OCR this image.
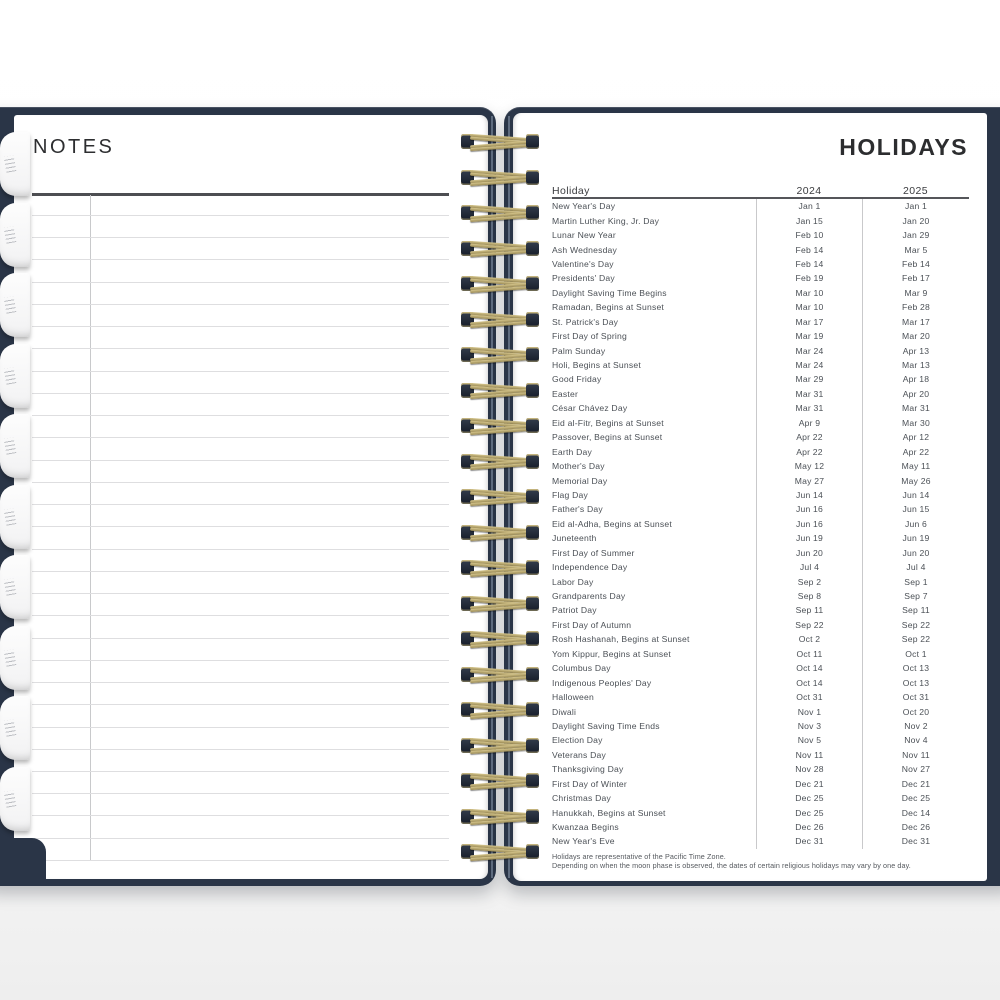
NOTES	HOLIDAYS
Holiday	2024	2025
New Year's Day	Jan 1	Jan 1
Martin Luther King, Jr. Day	Jan 15	Jan 20
Lunar New Year	Feb 10	Jan 29
Ash Wednesday	Feb 14	Mar 5
Valentine's Day	Feb 14	Feb 14
Presidents' Day	Feb 19	Feb 17
Daylight Saving Time Begins	Mar 10	Mar 9
Ramadan, Begins at Sunset	Mar 10	Feb 28
St. Patrick's Day	Mar 17	Mar 17
First Day of Spring	Mar 19	Mar 20
Palm Sunday	Mar 24	Apr 13
Holi, Begins at Sunset	Mar 24	Mar 13
Good Friday	Mar 29	Apr 18
Easter	Mar 31	Apr 20
César Chávez Day	Mar 31	Mar 31
Eid al-Fitr, Begins at Sunset	Apr 9	Mar 30
Passover, Begins at Sunset	Apr 22	Apr 12
Earth Day	Apr 22	Apr 22
Mother's Day	May 12	May 11
Memorial Day	May 27	May 26
Flag Day	Jun 14	Jun 14
Father's Day	Jun 16	Jun 15
Eid al-Adha, Begins at Sunset	Jun 16	Jun 6
Juneteenth	Jun 19	Jun 19
First Day of Summer	Jun 20	Jun 20
Independence Day	Jul 4	Jul 4
Labor Day	Sep 2	Sep 1
Grandparents Day	Sep 8	Sep 7
Patriot Day	Sep 11	Sep 11
First Day of Autumn	Sep 22	Sep 22
Rosh Hashanah, Begins at Sunset	Oct 2	Sep 22
Yom Kippur, Begins at Sunset	Oct 11	Oct 1
Columbus Day	Oct 14	Oct 13
Indigenous Peoples' Day	Oct 14	Oct 13
Halloween	Oct 31	Oct 31
Diwali	Nov 1	Oct 20
Daylight Saving Time Ends	Nov 3	Nov 2
Election Day	Nov 5	Nov 4
Veterans Day	Nov 11	Nov 11
Thanksgiving Day	Nov 28	Nov 27
First Day of Winter	Dec 21	Dec 21
Christmas Day	Dec 25	Dec 25
Hanukkah, Begins at Sunset	Dec 25	Dec 14
Kwanzaa Begins	Dec 26	Dec 26
New Year's Eve	Dec 31	Dec 31
Holidays are representative of the Pacific Time Zone.
Depending on when the moon phase is observed, the dates of certain religious holidays may vary by one day.
